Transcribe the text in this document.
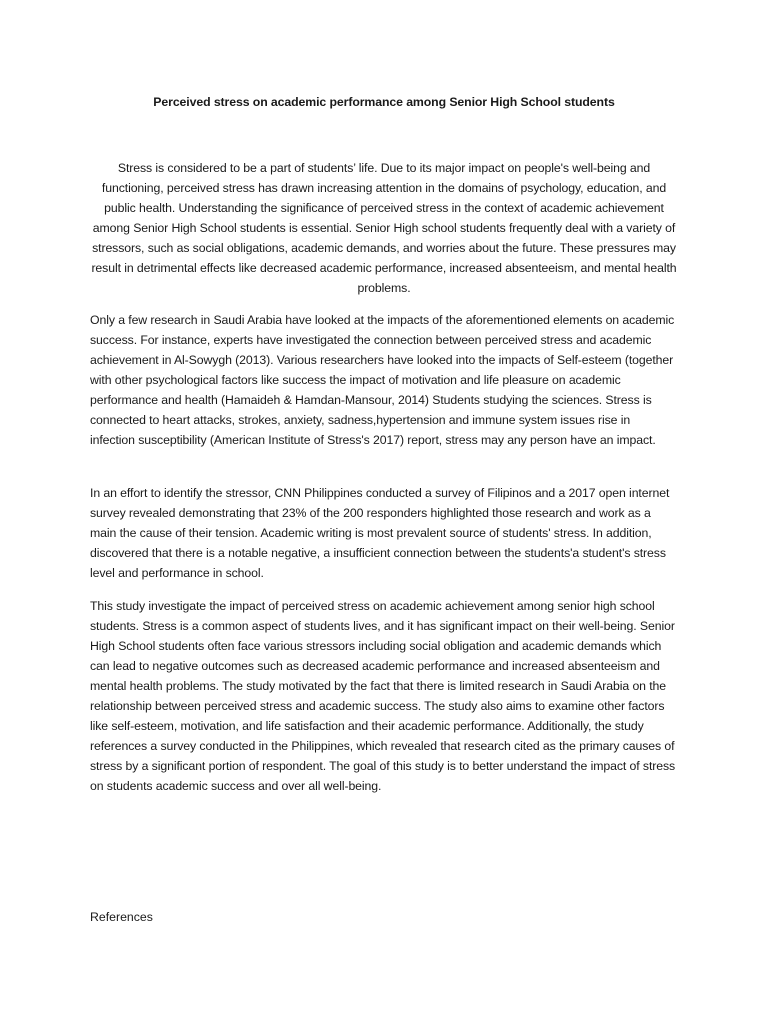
Perceived stress on academic performance among Senior High School students

Stress is considered to be a part of students’ life. Due to its major impact on people's well-being and functioning, perceived stress has drawn increasing attention in the domains of psychology, education, and public health. Understanding the significance of perceived stress in the context of academic achievement among Senior High School students is essential. Senior High school students frequently deal with a variety of stressors, such as social obligations, academic demands, and worries about the future. These pressures may result in detrimental effects like decreased academic performance, increased absenteeism, and mental health problems.

Only a few research in Saudi Arabia have looked at the impacts of the aforementioned elements on academic success. For instance, experts have investigated the connection between perceived stress and academic achievement in Al-Sowygh (2013). Various researchers have looked into the impacts of Self-esteem (together with other psychological factors like success the impact of motivation and life pleasure on academic performance and health (Hamaideh & Hamdan-Mansour, 2014) Students studying the sciences. Stress is connected to heart attacks, strokes, anxiety, sadness,hypertension and immune system issues rise in infection susceptibility (American Institute of Stress's 2017) report, stress may any person have an impact.

In an effort to identify the stressor, CNN Philippines conducted a survey of Filipinos and a 2017 open internet survey revealed demonstrating that 23% of the 200 responders highlighted those research and work as a main the cause of their tension. Academic writing is most prevalent source of students' stress. In addition, discovered that there is a notable negative, a insufficient connection between the students'a student's stress level and performance in school.

This study investigate the impact of perceived stress on academic achievement among senior high school students. Stress is a common aspect of students lives, and it has significant impact on their well-being. Senior High School students often face various stressors including social obligation and academic demands which can lead to negative outcomes such as decreased academic performance and increased absenteeism and mental health problems. The study motivated by the fact that there is limited research in Saudi Arabia on the relationship between perceived stress and academic success. The study also aims to examine other factors like self-esteem, motivation, and life satisfaction and their academic performance. Additionally, the study references a survey conducted in the Philippines, which revealed that research cited as the primary causes of stress by a significant portion of respondent. The goal of this study is to better understand the impact of stress on students academic success and over all well-being.

References
